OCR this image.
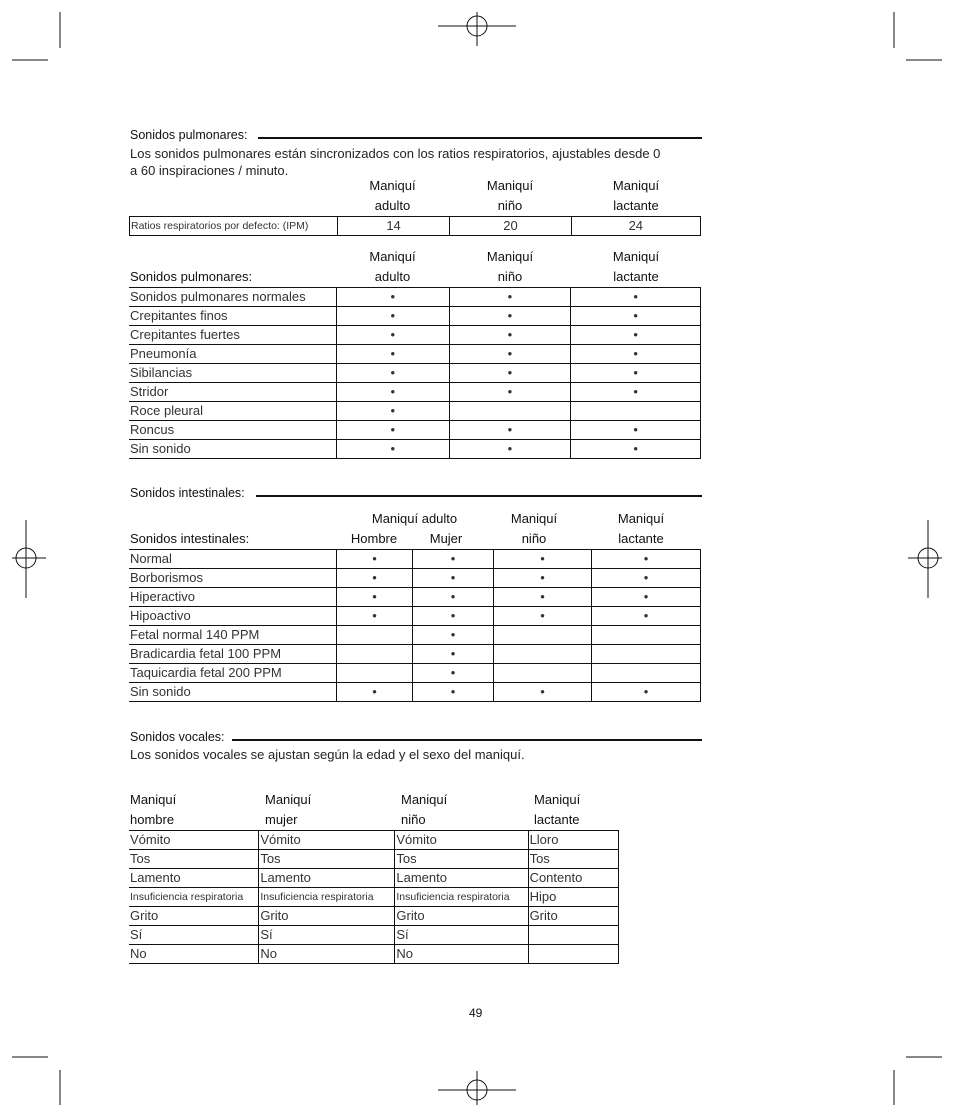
Sonidos pulmonares:
Los sonidos pulmonares están sincronizados con los ratios respiratorios, ajustables desde 0 a 60 inspiraciones / minuto.
Maniquí
adulto
Maniquí
niño
Maniquí
lactante
Ratios respiratorios por defecto: (IPM)	14	20	24
Maniquí
adulto
Maniquí
niño
Maniquí
lactante
Sonidos pulmonares:
Sonidos pulmonares normales	•	•	•
Crepitantes finos	•	•	•
Crepitantes fuertes	•	•	•
Pneumonía	•	•	•
Sibilancias	•	•	•
Stridor	•	•	•
Roce pleural	•		
Roncus	•	•	•
Sin sonido	•	•	•
Sonidos intestinales:
Maniquí adulto
Hombre	Mujer
Maniquí
niño
Maniquí
lactante
Sonidos intestinales:
Normal	•	•	•	•
Borborismos	•	•	•	•
Hiperactivo	•	•	•	•
Hipoactivo	•	•	•	•
Fetal normal 140 PPM		•		
Bradicardia fetal 100 PPM		•		
Taquicardia fetal 200 PPM		•		
Sin sonido	•	•	•	•
Sonidos vocales:
Los sonidos vocales se ajustan según la edad y el sexo del maniquí.
Maniquí
hombre
Maniquí
mujer
Maniquí
niño
Maniquí
lactante
Vómito	Vómito	Vómito	Lloro
Tos	Tos	Tos	Tos
Lamento	Lamento	Lamento	Contento
Insuficiencia respiratoria	Insuficiencia respiratoria	Insuficiencia respiratoria	Hipo
Grito	Grito	Grito	Grito
Sí	Sí	Sí	
No	No	No	
49
